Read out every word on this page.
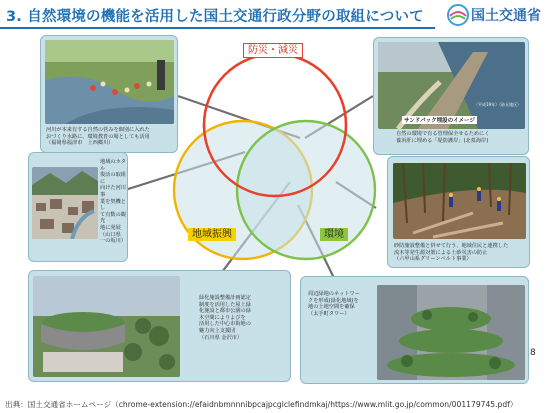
3. 自然環境の機能を活用した国土交通行政分野の取組について	国土交通省
防災・減災
地域振興	環境
河川が本来有する自然の営みを個別に入れた
おづくり水路に、環境教育の場としても活用
（福岡県福津市　上西郷川）
サンドパック埋設のイメージ
（平成19年）（砂丘地区）
自然の環境で有る管理保全せるためにく
養浜肝に埋める「堤防護岸」(北墓海岸)
地域のホタル
復活の取組に
向けた河川事
業を契機とし
て有数の観光
地に発展
（山口県
一の坂川）
砂防施設整備と併せて行う、地域住民と連携した
流木等発生源対策による土砂災害の防止
（六甲山系グリーンベルト事業）
緑化施設整備計画認定
制度を活用した屋上緑
化施設と都市公園の緑
木空間によりよびを
活用した中心市街地の
魅力向上支援団
（石川県 金沢市）
周辺緑地のネットワー
クを形成(緑化地域)を
地の土地空間を確保
（太手町タワー）
8
出典：国土交通省ホームページ（chrome-extension://efaidnbmnnnibpcajpcglclefindmkaj/https://www.mlit.go.jp/common/001179745.pdf）
